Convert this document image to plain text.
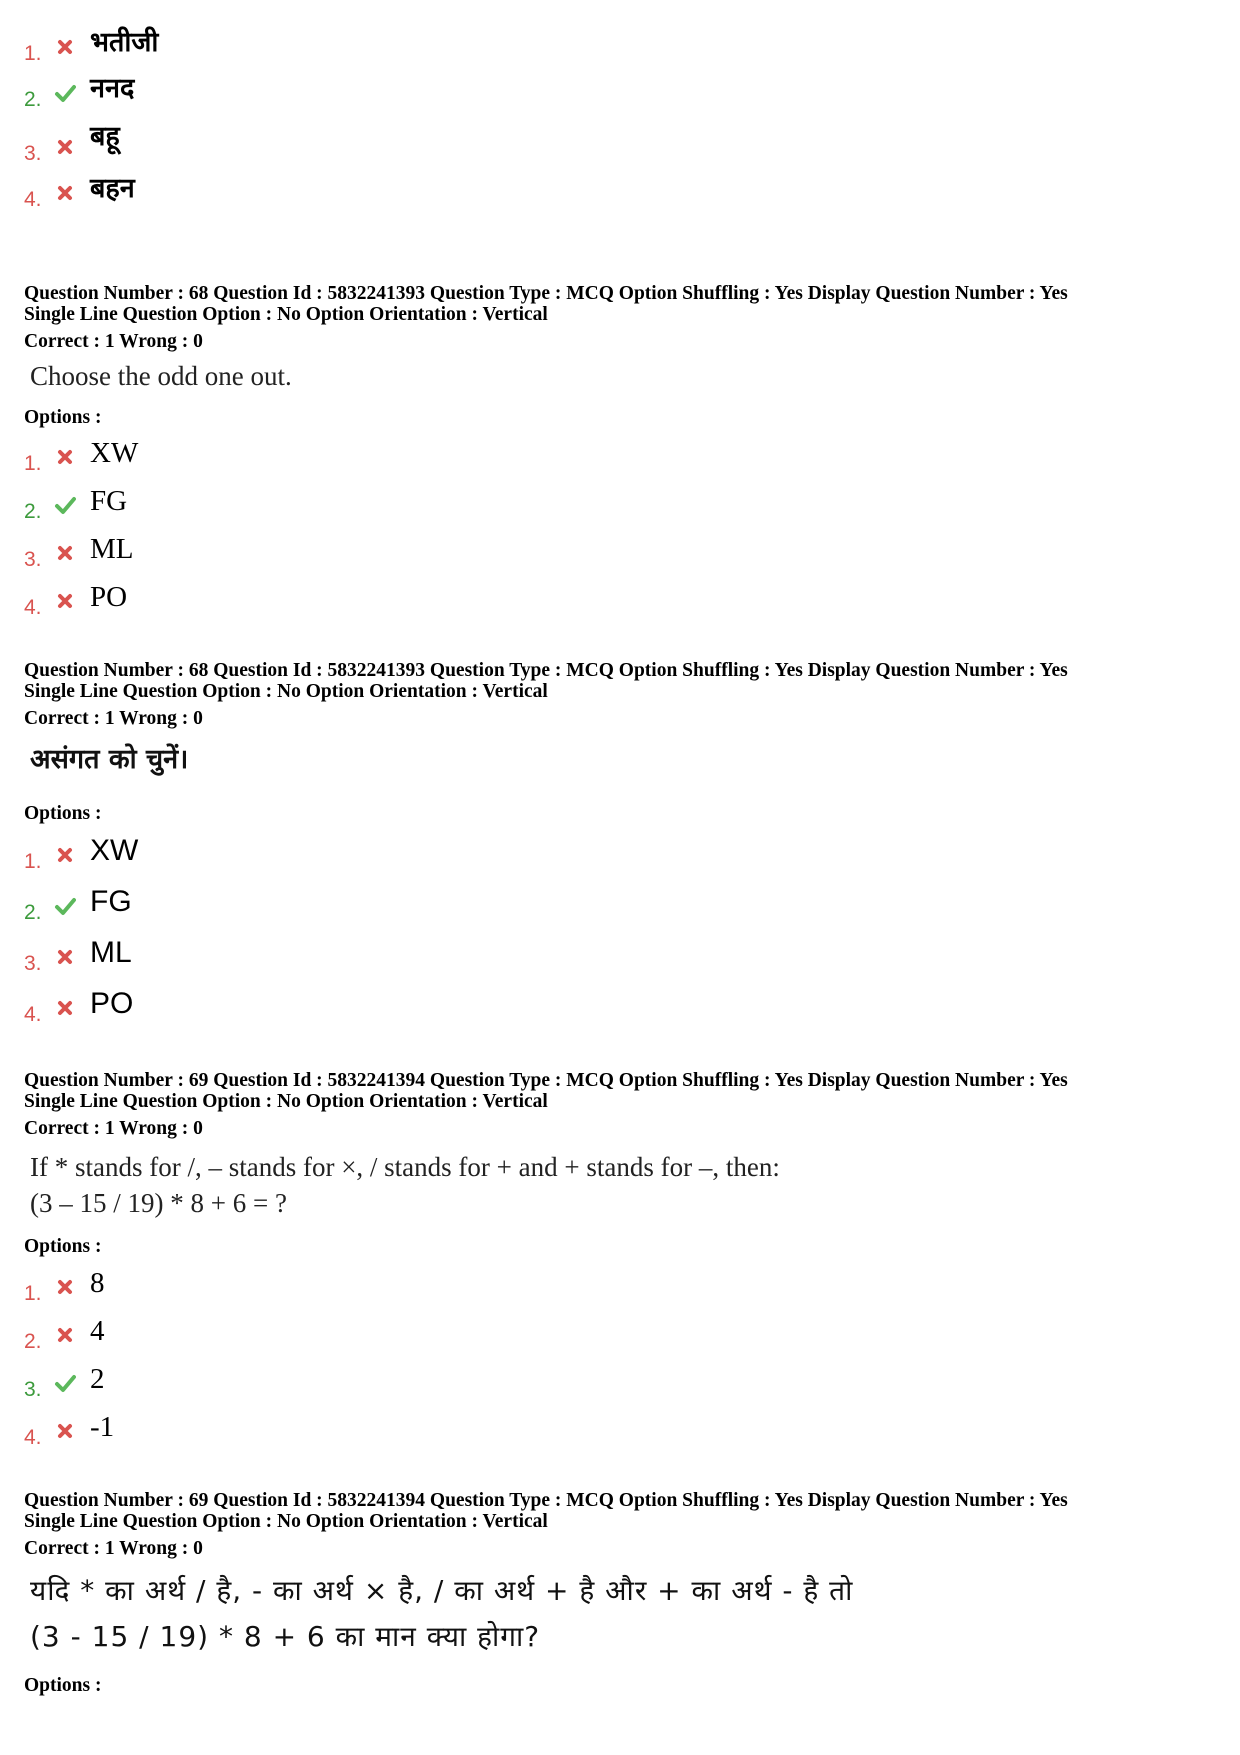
1. भतीजी
2. ननद
3.
बहू
4. बहन
Question Number : 68 Question Id : 5832241393 Question Type : MCQ Option Shuffling : Yes Display Question Number : Yes
Single Line Question Option : No Option Orientation : Vertical
Correct : 1 Wrong : 0
Choose the odd one out.
Options :
1. XW
2. FG
3. ML
4. PO
Question Number : 68 Question Id : 5832241393 Question Type : MCQ Option Shuffling : Yes Display Question Number : Yes
Single Line Question Option : No Option Orientation : Vertical
Correct : 1 Wrong : 0
असंगत को चुनें।
Options :
1. XW
2. FG
3. ML
4. PO
Question Number : 69 Question Id : 5832241394 Question Type : MCQ Option Shuffling : Yes Display Question Number : Yes
Single Line Question Option : No Option Orientation : Vertical
Correct : 1 Wrong : 0
If * stands for /, – stands for ×, / stands for + and + stands for –, then:
(3 – 15 / 19) * 8 + 6 = ?
Options :
1. 8
2. 4
3. 2
4. -1
Question Number : 69 Question Id : 5832241394 Question Type : MCQ Option Shuffling : Yes Display Question Number : Yes
Single Line Question Option : No Option Orientation : Vertical
Correct : 1 Wrong : 0
यदि * का अर्थ / है, - का अर्थ × है, / का अर्थ + है और + का अर्थ - है तो
(3 - 15 / 19) * 8 + 6 का मान क्या होगा?
Options :
